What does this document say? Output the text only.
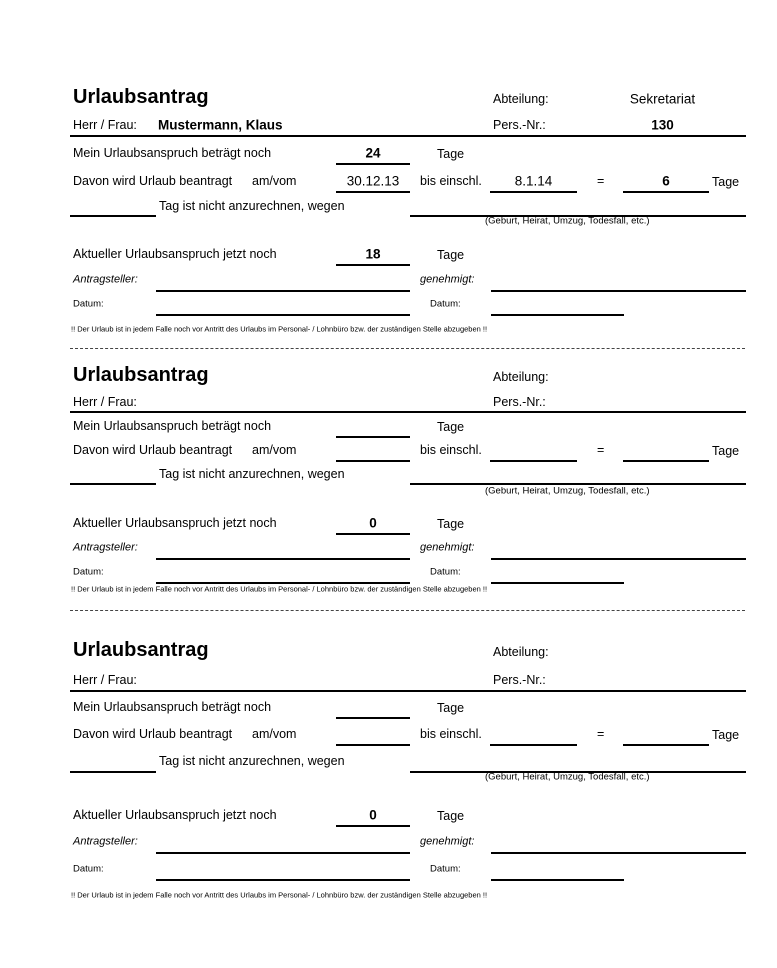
Urlaubsantrag	Abteilung:	Sekretariat
Herr / Frau: Mustermann, Klaus	Pers.-Nr.:	130
Mein Urlaubsanspruch beträgt noch	24	Tage
Davon wird Urlaub beantragt am/vom	30.12.13	bis einschl.	8.1.14	=	6	Tage
Tag ist nicht anzurechnen, wegen
(Geburt, Heirat, Umzug, Todesfall, etc.)
Aktueller Urlaubsanspruch jetzt noch	18	Tage
Antragsteller:	genehmigt:
Datum:	Datum:
!! Der Urlaub ist in jedem Falle noch vor Antritt des Urlaubs im Personal- / Lohnbüro bzw. der zuständigen Stelle abzugeben !!
Urlaubsantrag	Abteilung:
Herr / Frau:	Pers.-Nr.:
Mein Urlaubsanspruch beträgt noch	Tage
Davon wird Urlaub beantragt am/vom	bis einschl.	=	Tage
Tag ist nicht anzurechnen, wegen
(Geburt, Heirat, Umzug, Todesfall, etc.)
Aktueller Urlaubsanspruch jetzt noch	0	Tage
Antragsteller:	genehmigt:
Datum:	Datum:
!! Der Urlaub ist in jedem Falle noch vor Antritt des Urlaubs im Personal- / Lohnbüro bzw. der zuständigen Stelle abzugeben !!
Urlaubsantrag	Abteilung:
Herr / Frau:	Pers.-Nr.:
Mein Urlaubsanspruch beträgt noch	Tage
Davon wird Urlaub beantragt am/vom	bis einschl.	=	Tage
Tag ist nicht anzurechnen, wegen
(Geburt, Heirat, Umzug, Todesfall, etc.)
Aktueller Urlaubsanspruch jetzt noch	0	Tage
Antragsteller:	genehmigt:
Datum:	Datum:
!! Der Urlaub ist in jedem Falle noch vor Antritt des Urlaubs im Personal- / Lohnbüro bzw. der zuständigen Stelle abzugeben !!
